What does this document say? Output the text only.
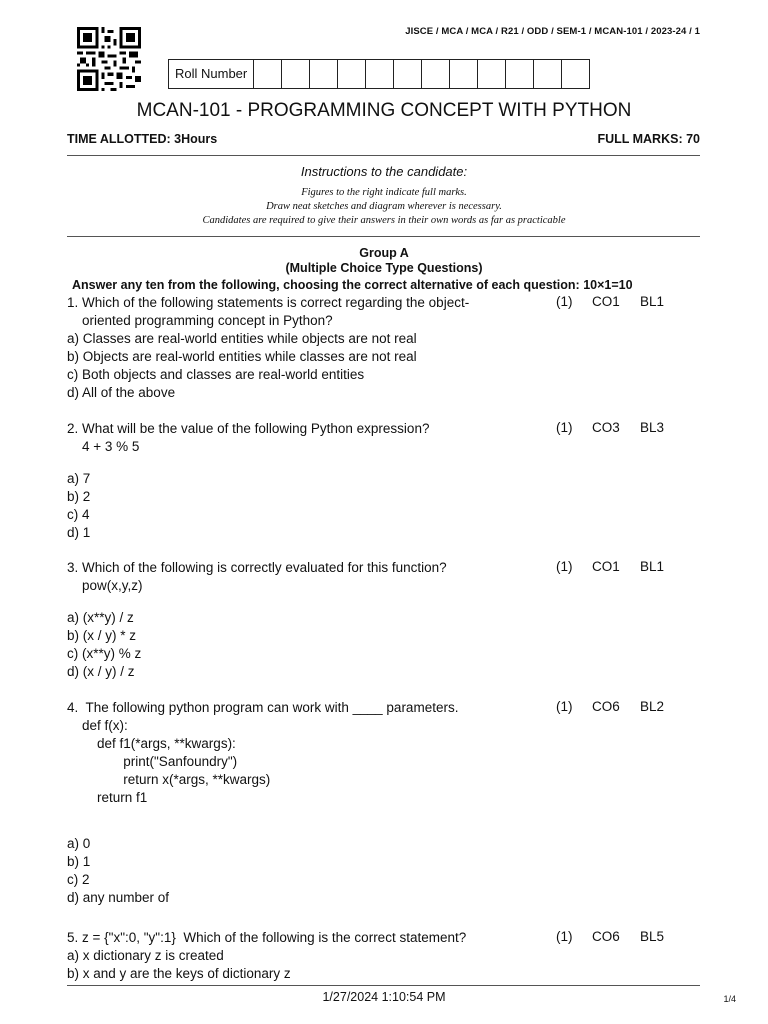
JISCE / MCA / MCA / R21 / ODD / SEM-1 / MCAN-101 / 2023-24 / 1
Roll Number
MCAN-101 - PROGRAMMING CONCEPT WITH PYTHON
TIME ALLOTTED: 3Hours	FULL MARKS: 70
Instructions to the candidate:
Figures to the right indicate full marks.
Draw neat sketches and diagram wherever is necessary.
Candidates are required to give their answers in their own words as far as practicable
Group A
(Multiple Choice Type Questions)
Answer any ten from the following, choosing the correct alternative of each question: 10×1=10
1. Which of the following statements is correct regarding the object-
oriented programming concept in Python?
a) Classes are real-world entities while objects are not real
b) Objects are real-world entities while classes are not real
c) Both objects and classes are real-world entities
d) All of the above
(1)	CO1	BL1
2. What will be the value of the following Python expression?
4 + 3 % 5
a) 7
b) 2
c) 4
d) 1
(1)	CO3	BL3
3. Which of the following is correctly evaluated for this function?
pow(x,y,z)
a) (x**y) / z
b) (x / y) * z
c) (x**y) % z
d) (x / y) / z
(1)	CO1	BL1
4.  The following python program can work with ____ parameters.
def f(x):
def f1(*args, **kwargs):
print("Sanfoundry")
return x(*args, **kwargs)
return f1
a) 0
b) 1
c) 2
d) any number of
(1)	CO6	BL2
5. z = {"x":0, "y":1}  Which of the following is the correct statement?
a) x dictionary z is created
b) x and y are the keys of dictionary z
(1)	CO6	BL5
1/27/2024 1:10:54 PM	1/4
